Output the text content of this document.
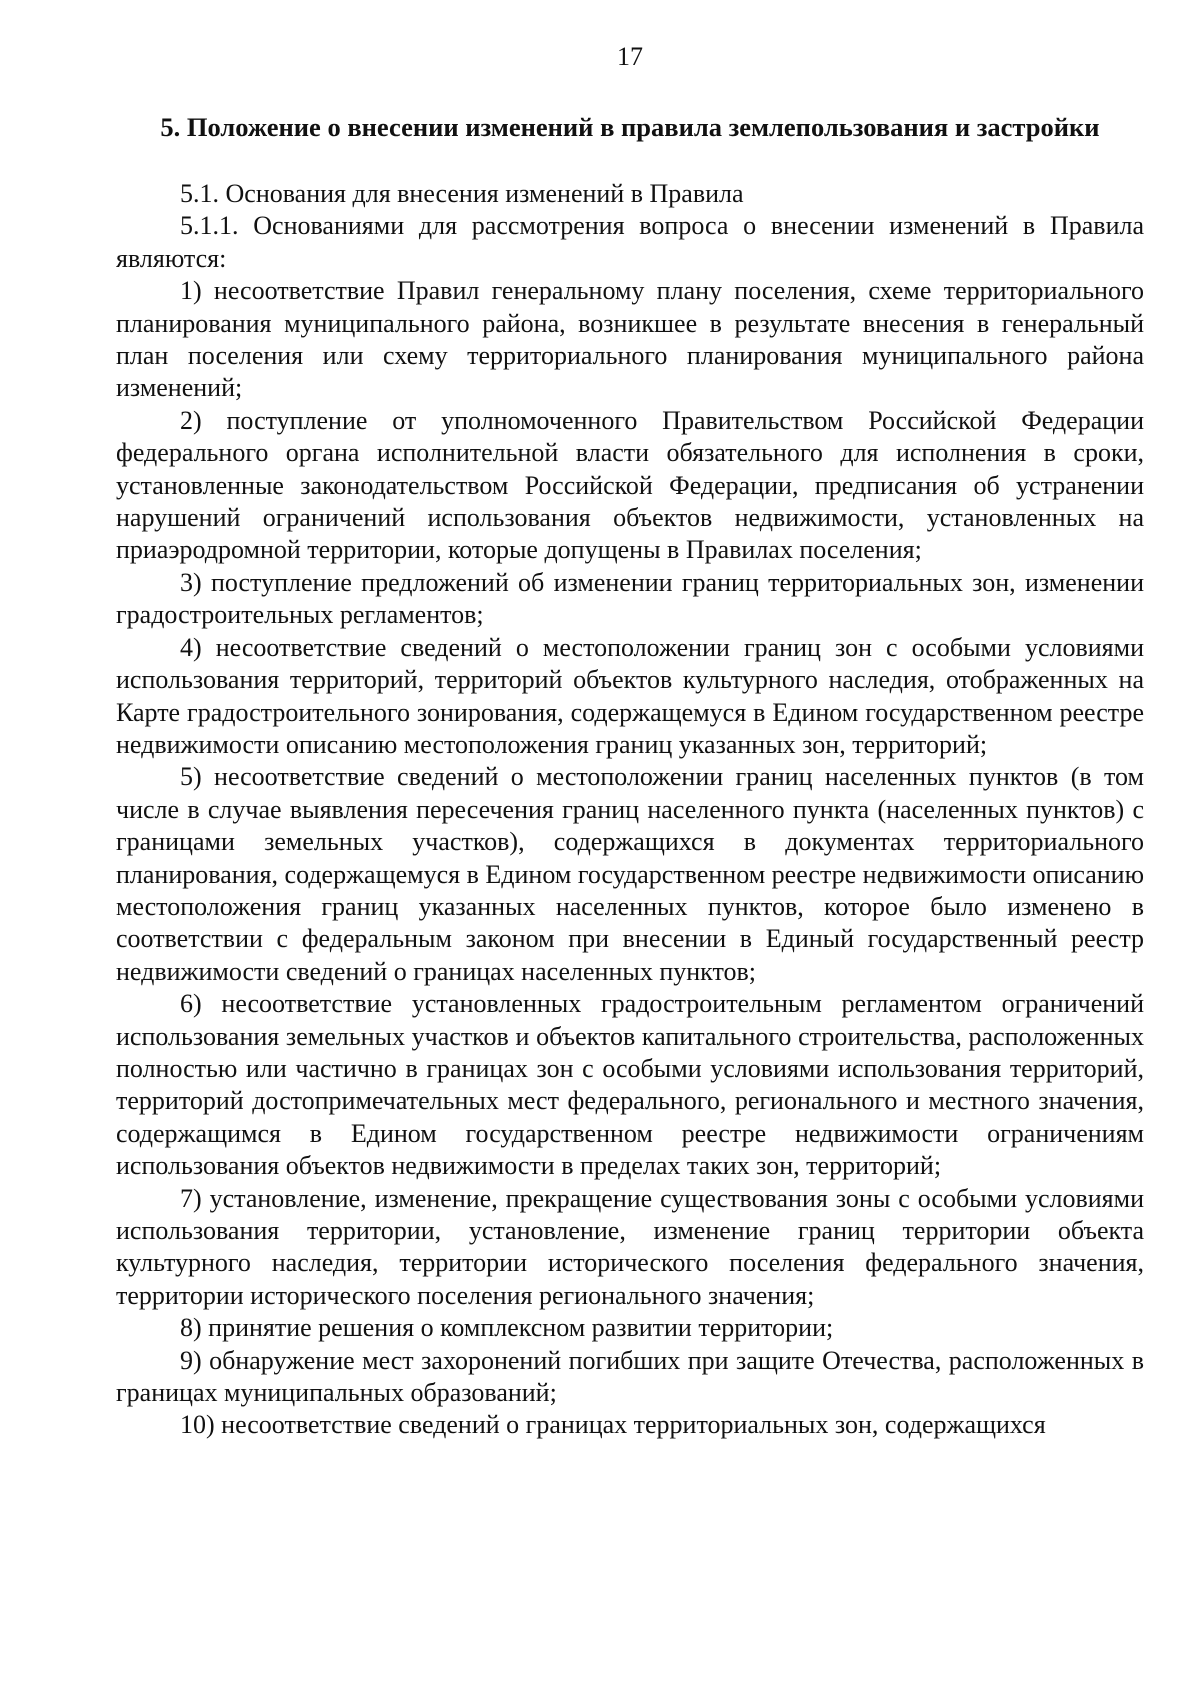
17
5. Положение о внесении изменений в правила землепользования и застройки

5.1. Основания для внесения изменений в Правила

5.1.1. Основаниями для рассмотрения вопроса о внесении изменений в Правила являются:

1) несоответствие Правил генеральному плану поселения, схеме территориального планирования муниципального района, возникшее в результате внесения в генеральный план поселения или схему территориального планирования муниципального района изменений;

2) поступление от уполномоченного Правительством Российской Федерации федерального органа исполнительной власти обязательного для исполнения в сроки, установленные законодательством Российской Федерации, предписания об устранении нарушений ограничений использования объектов недвижимости, установленных на приаэродромной территории, которые допущены в Правилах поселения;

3) поступление предложений об изменении границ территориальных зон, изменении градостроительных регламентов;

4) несоответствие сведений о местоположении границ зон с особыми условиями использования территорий, территорий объектов культурного наследия, отображенных на Карте градостроительного зонирования, содержащемуся в Едином государственном реестре недвижимости описанию местоположения границ указанных зон, территорий;

5) несоответствие сведений о местоположении границ населенных пунктов (в том числе в случае выявления пересечения границ населенного пункта (населенных пунктов) с границами земельных участков), содержащихся в документах территориального планирования, содержащемуся в Едином государственном реестре недвижимости описанию местоположения границ указанных населенных пунктов, которое было изменено в соответствии с федеральным законом при внесении в Единый государственный реестр недвижимости сведений о границах населенных пунктов;

6) несоответствие установленных градостроительным регламентом ограничений использования земельных участков и объектов капитального строительства, расположенных полностью или частично в границах зон с особыми условиями использования территорий, территорий достопримечательных мест федерального, регионального и местного значения, содержащимся в Едином государственном реестре недвижимости ограничениям использования объектов недвижимости в пределах таких зон, территорий;

7) установление, изменение, прекращение существования зоны с особыми условиями использования территории, установление, изменение границ территории объекта культурного наследия, территории исторического поселения федерального значения, территории исторического поселения регионального значения;

8) принятие решения о комплексном развитии территории;

9) обнаружение мест захоронений погибших при защите Отечества, расположенных в границах муниципальных образований;

10) несоответствие сведений о границах территориальных зон, содержащихся
